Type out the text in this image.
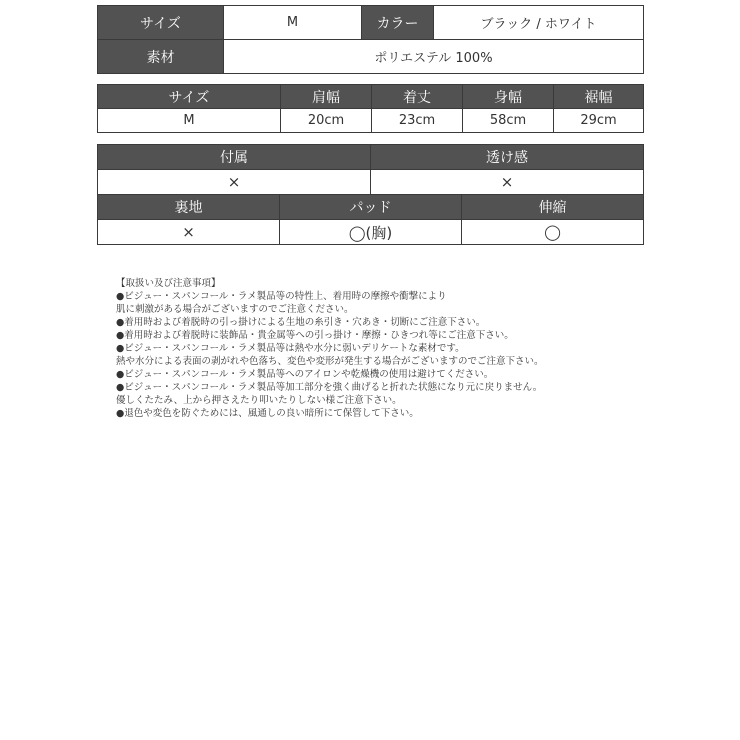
サイズ	M	カラー	ブラック / ホワイト
素材	ポリエステル 100%		
サイズ	肩幅	着丈	身幅	裾幅
M	20cm	23cm	58cm	29cm
付属		透け感	
×		×	
裏地	パッド		伸縮
×	◯(胸)		◯
【取扱い及び注意事項】
●ビジュー・スパンコール・ラメ製品等の特性上、着用時の摩擦や衝撃により
肌に刺激がある場合がございますのでご注意ください。
●着用時および着脱時の引っ掛けによる生地の糸引き・穴あき・切断にご注意下さい。
●着用時および着脱時に装飾品・貴金属等への引っ掛け・摩擦・ひきつれ等にご注意下さい。
●ビジュー・スパンコール・ラメ製品等は熱や水分に弱いデリケートな素材です。
熱や水分による表面の剥がれや色落ち、変色や変形が発生する場合がございますのでご注意下さい。
●ビジュー・スパンコール・ラメ製品等へのアイロンや乾燥機の使用は避けてください。
●ビジュー・スパンコール・ラメ製品等加工部分を強く曲げると折れた状態になり元に戻りません。
優しくたたみ、上から押さえたり叩いたりしない様ご注意下さい。
●退色や変色を防ぐためには、風通しの良い暗所にて保管して下さい。
